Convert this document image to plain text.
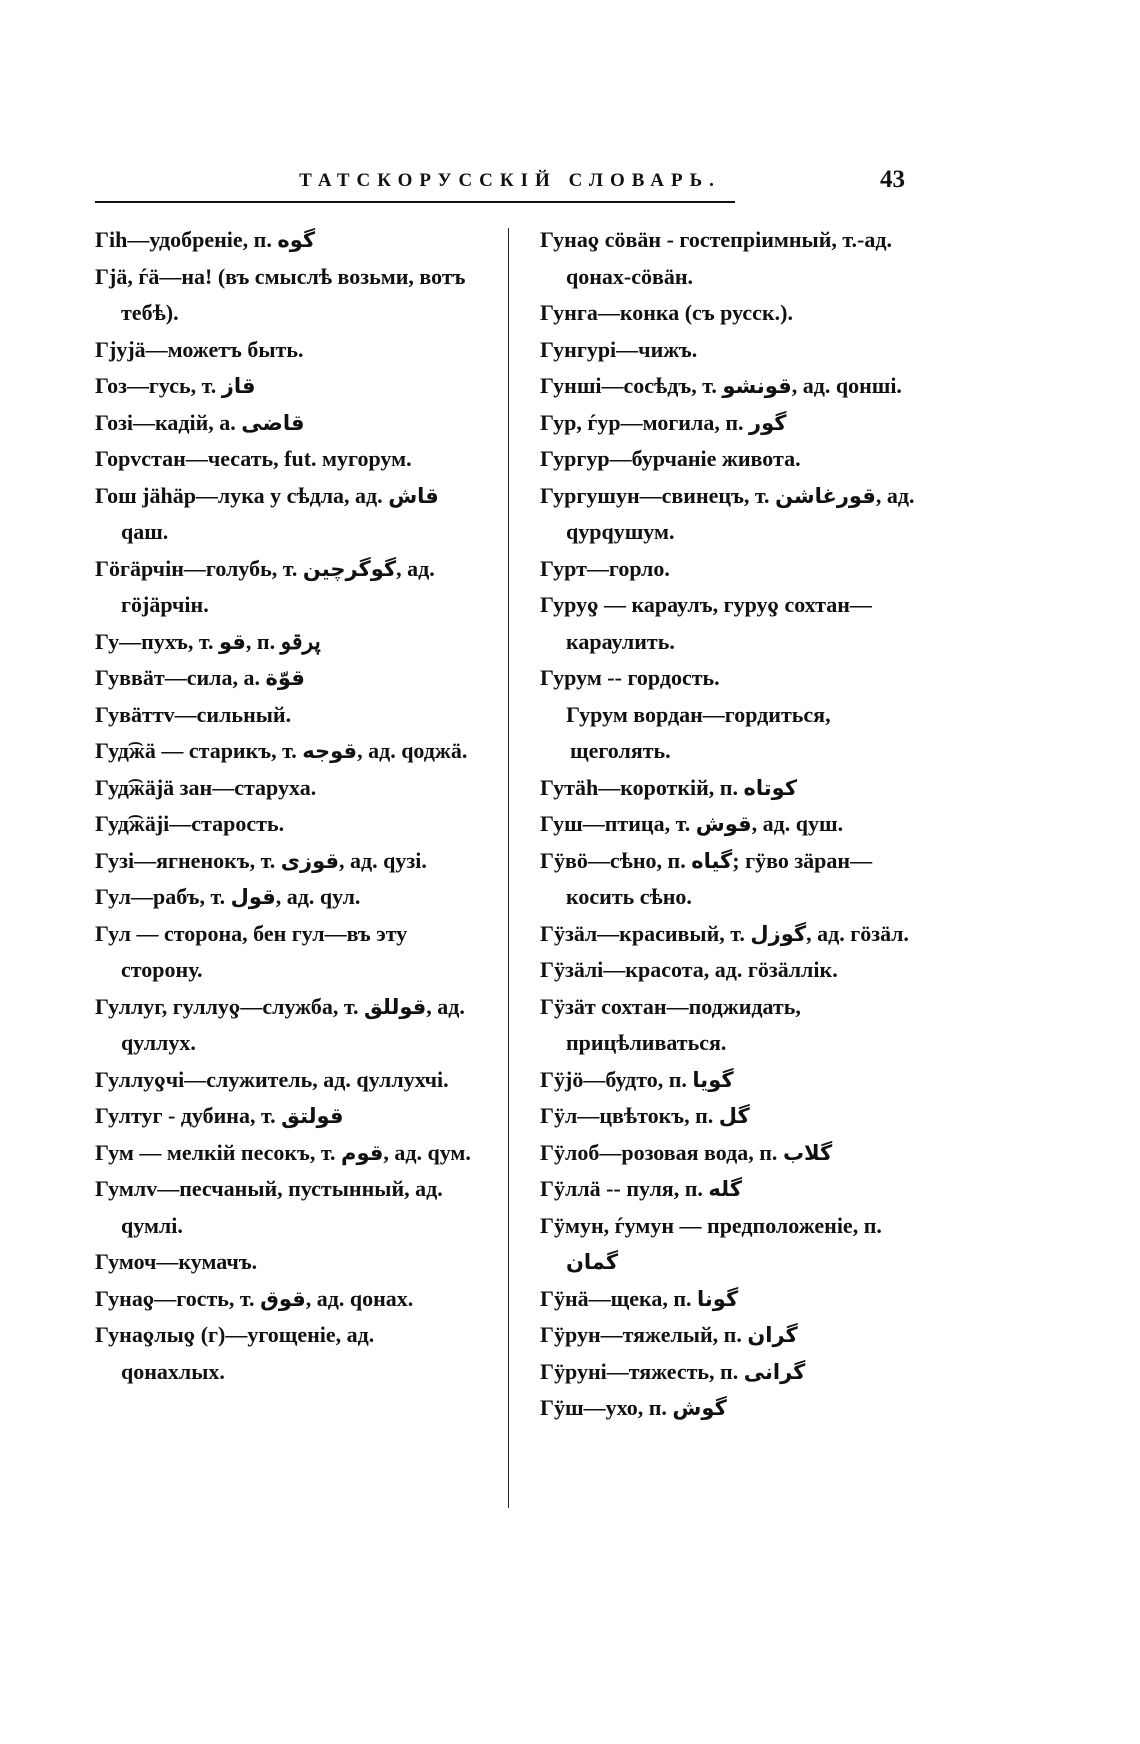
ТАТСКОРУССКІЙ СЛОВАРЬ.	43

Гіһ—удобреніе, п. گوه

Гjä, ѓä—на! (въ смыслѣ возьми, вотъ тебѣ).

Гјујä—можетъ быть.

Гоз—гусь, т. قاز

Гозі—кадій, а. قاضی

Горvстан—чесать, fut. мугорум.

Гош jäһäр—лука у сѣдла, ад. قاش qаш.

Гöгäрчін—голубь, т. گوگرچین, ад. гöjäрчін.

Гу—пухъ, т. قو, п. پرقو

Гуввäт—сила, а. قوّة

Гувäттv—сильный.

Гуд͡жä — старикъ, т. قوجه, ад. qоджä.

Гуд͡жäjä зан—старуха.

Гуд͡жäjі—старость.

Гузі—ягненокъ, т. قوزی, ад. qузі.

Гул—рабъ, т. قول, ад. qул.

Гул — сторона, бен гул—въ эту сторону.

Гуллуг, гуллуƍ—служба, т. قوللق, ад. qуллух.

Гуллуƍчі—служитель, ад. qуллухчі.

Гултуг - дубина, т. قولتق

Гум — мелкій песокъ, т. قوم, ад. qум.

Гумлv—песчаный, пустынный, ад. qумлі.

Гумоч—кумачъ.

Гунаƍ—гость, т. قوق, ад. qонах.

Гунаƍлыƍ (г)—угощеніе, ад. qонахлых.

Гунаƍ сöвäн - гостепріимный, т.-ад. qонах-сöвäн.

Гунга—конка (съ русск.).

Гунгурі—чижъ.

Гуншi—сосѣдъ, т. قونشو, ад. qоншi.

Гур, ѓур—могила, п. گور

Гургур—бурчаніе живота.

Гургушун—свинецъ, т. قورغاشن, ад. qурqушум.

Гурт—горло.

Гуруƍ — караулъ, гуруƍ сохтан—караулить.

Гурум -- гордость.

Гурум вордан—гордиться, щеголять.

Гутäһ—короткій, п. کوتاه

Гуш—птица, т. قوش, ад. qуш.

Гӱвö—сѣно, п. گیاه; гӱво зäран—косить сѣно.

Гӱзäл—красивый, т. گوزل, ад. гöзäл.

Гӱзäлі—красота, ад. гöзäллік.

Гӱзäт сохтан—поджидать, прицѣливаться.

Гӱjö—будто, п. گويا

Гӱл—цвѣтокъ, п. گل

Гӱлоб—розовая вода, п. گلاب

Гӱллä -- пуля, п. گله

Гӱмун, ѓумун — предположеніе, п. گمان

Гӱнä—щека, п. گونا

Гӱрун—тяжелый, п. گران

Гӱруні—тяжесть, п. گرانی

Гӱш—ухо, п. گوش
